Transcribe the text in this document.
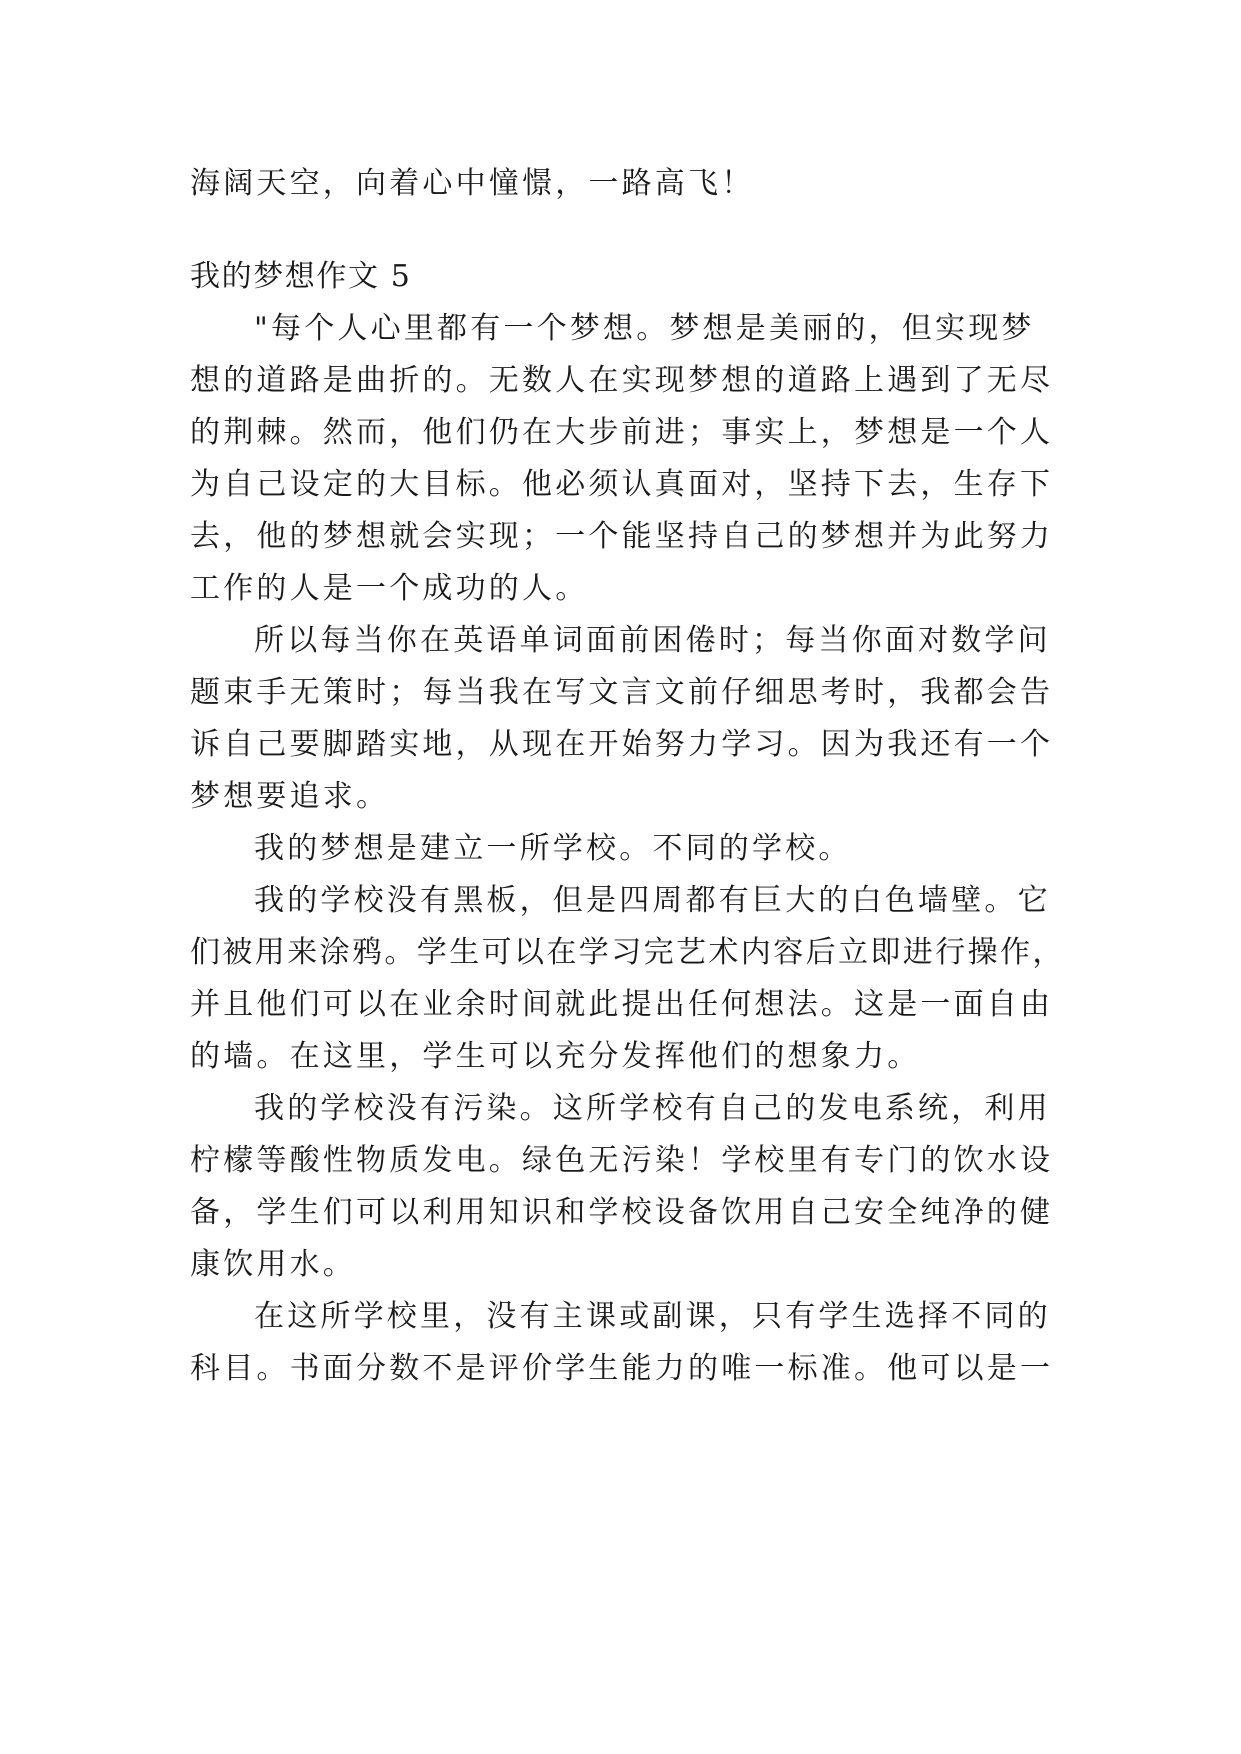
海阔天空，向着心中憧憬，一路高飞！
我的梦想作文 5
"每个人心里都有一个梦想。梦想是美丽的，但实现梦
想的道路是曲折的。无数人在实现梦想的道路上遇到了无尽
的荆棘。然而，他们仍在大步前进；事实上，梦想是一个人
为自己设定的大目标。他必须认真面对，坚持下去，生存下
去，他的梦想就会实现；一个能坚持自己的梦想并为此努力
工作的人是一个成功的人。
所以每当你在英语单词面前困倦时；每当你面对数学问
题束手无策时；每当我在写文言文前仔细思考时，我都会告
诉自己要脚踏实地，从现在开始努力学习。因为我还有一个
梦想要追求。
我的梦想是建立一所学校。不同的学校。
我的学校没有黑板，但是四周都有巨大的白色墙壁。它
们被用来涂鸦。学生可以在学习完艺术内容后立即进行操作，
并且他们可以在业余时间就此提出任何想法。这是一面自由
的墙。在这里，学生可以充分发挥他们的想象力。
我的学校没有污染。这所学校有自己的发电系统，利用
柠檬等酸性物质发电。绿色无污染！学校里有专门的饮水设
备，学生们可以利用知识和学校设备饮用自己安全纯净的健
康饮用水。
在这所学校里，没有主课或副课，只有学生选择不同的
科目。书面分数不是评价学生能力的唯一标准。他可以是一
